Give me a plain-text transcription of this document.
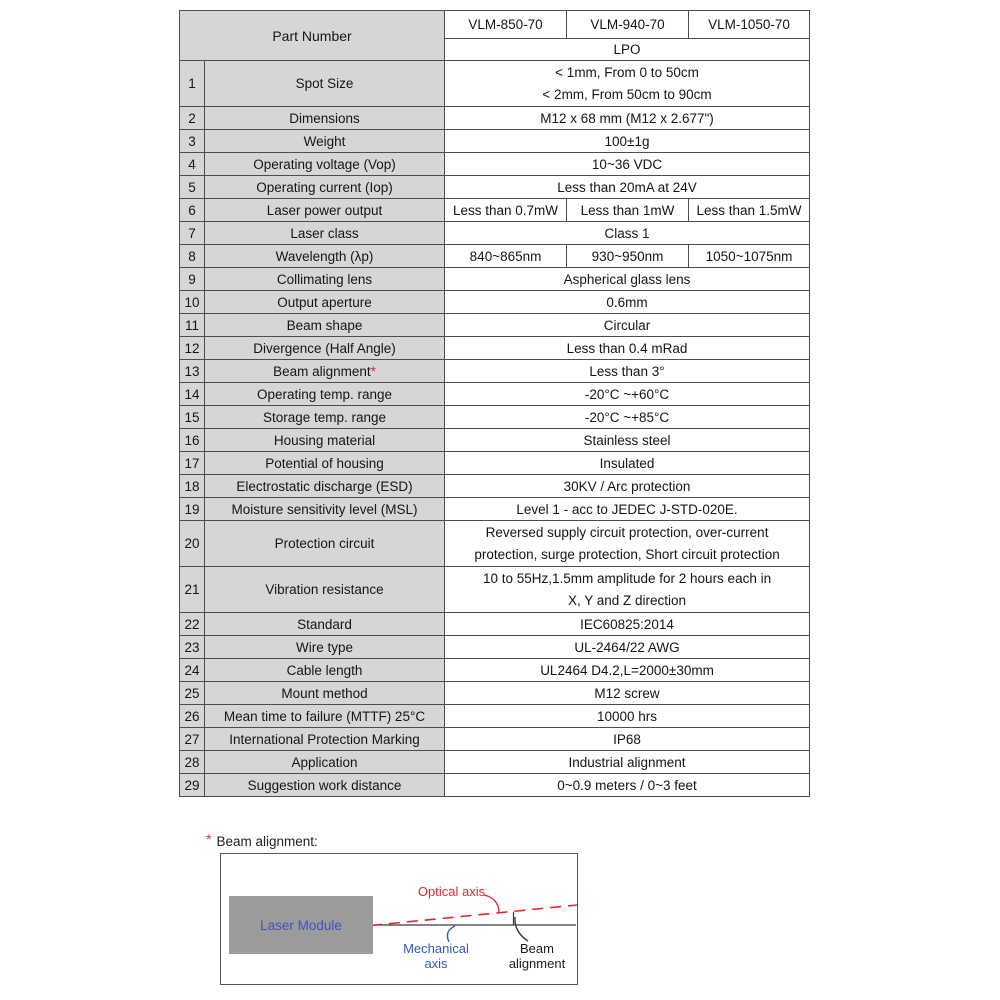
Part Number		VLM-850-70	VLM-940-70	VLM-1050-70
		LPO		
1	Spot Size	< 1mm, From 0 to 50cm
< 2mm, From 50cm to 90cm		

2	Dimensions	M12 x 68 mm (M12 x 2.677")		
3	Weight	100±1g		
4	Operating voltage (Vop)	10~36 VDC		
5	Operating current (Iop)	Less than 20mA at 24V		
6	Laser power output	Less than 0.7mW	Less than 1mW	Less than 1.5mW
7	Laser class	Class 1		
8	Wavelength (λp)	840~865nm	930~950nm	1050~1075nm
9	Collimating lens	Aspherical glass lens		
10	Output aperture	0.6mm		
11	Beam shape	Circular		
12	Divergence (Half Angle)	Less than 0.4 mRad		
13	Beam alignment*	Less than 3°		
14	Operating temp. range	-20°C ~+60°C		
15	Storage temp. range	-20°C ~+85°C		
16	Housing material	Stainless steel		
17	Potential of housing	Insulated		
18	Electrostatic discharge (ESD)	30KV / Arc protection		
19	Moisture sensitivity level (MSL)	Level 1 - acc to JEDEC J-STD-020E.		
20	Protection circuit	Reversed supply circuit protection, over-current
protection, surge protection, Short circuit protection		

21	Vibration resistance	10 to 55Hz,1.5mm amplitude for 2 hours each in
X, Y and Z direction		

22	Standard	IEC60825:2014		
23	Wire type	UL-2464/22 AWG		
24	Cable length	UL2464 D4.2,L=2000±30mm		
25	Mount method	M12 screw		
26	Mean time to failure (MTTF) 25°C	10000 hrs		
27	International Protection Marking	IP68		
28	Application	Industrial alignment		
29	Suggestion work distance	0~0.9 meters / 0~3 feet		
* Beam alignment:
Laser Module
Optical axis
Mechanical
axis
Beam
alignment
